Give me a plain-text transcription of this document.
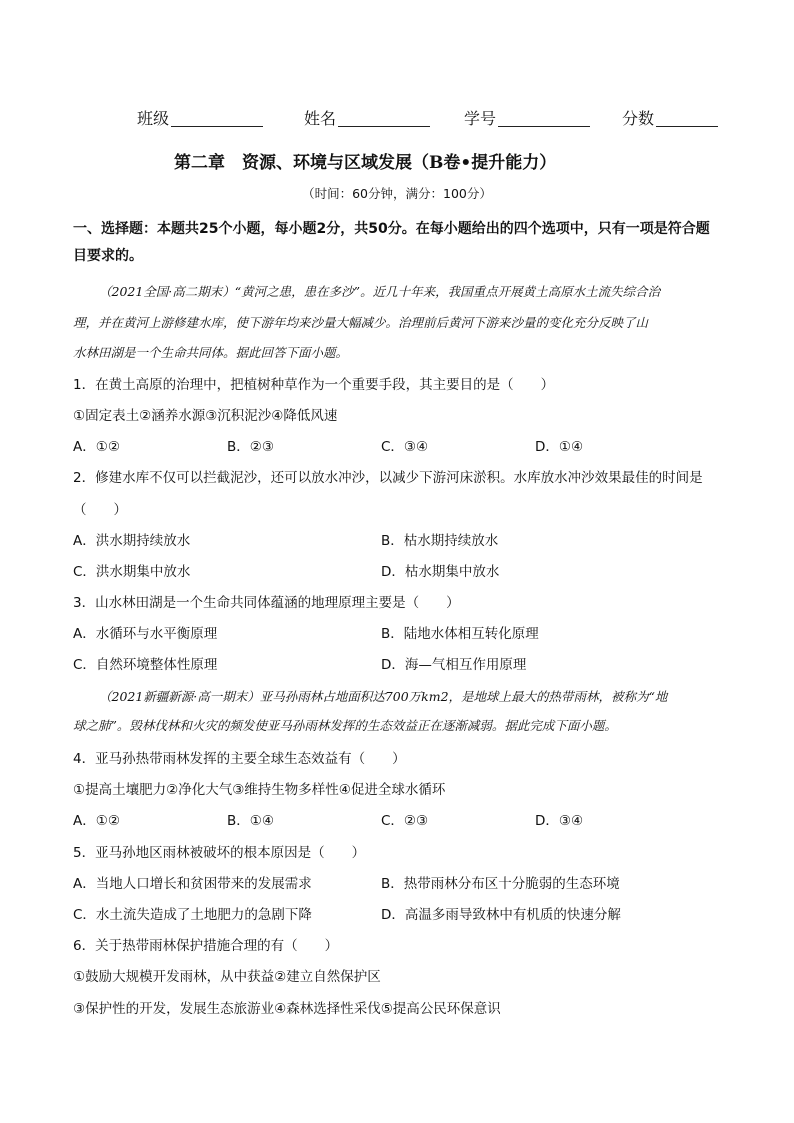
班级	姓名	学号	分数
第二章　资源、环境与区域发展（B卷•提升能力）
（时间：60分钟，满分：100分）
一、选择题：本题共25个小题，每小题2分，共50分。在每小题给出的四个选项中，只有一项是符合题
目要求的。
（2021全国·高二期末）“黄河之患，患在多沙”。近几十年来，我国重点开展黄土高原水土流失综合治
理，并在黄河上游修建水库，使下游年均来沙量大幅减少。治理前后黄河下游来沙量的变化充分反映了山
水林田湖是一个生命共同体。据此回答下面小题。
1．在黄土高原的治理中，把植树种草作为一个重要手段，其主要目的是（　　）
①固定表土②涵养水源③沉积泥沙④降低风速
A．①②	B．②③	C．③④	D．①④
2．修建水库不仅可以拦截泥沙，还可以放水冲沙，以减少下游河床淤积。水库放水冲沙效果最佳的时间是
（　　）
A．洪水期持续放水	B．枯水期持续放水
C．洪水期集中放水	D．枯水期集中放水
3．山水林田湖是一个生命共同体蕴涵的地理原理主要是（　　）
A．水循环与水平衡原理	B．陆地水体相互转化原理
C．自然环境整体性原理	D．海—气相互作用原理
（2021新疆新源·高一期末）亚马孙雨林占地面积达700万km2，是地球上最大的热带雨林，被称为“地
球之肺”。毁林伐林和火灾的频发使亚马孙雨林发挥的生态效益正在逐渐减弱。据此完成下面小题。
4．亚马孙热带雨林发挥的主要全球生态效益有（　　）
①提高土壤肥力②净化大气③维持生物多样性④促进全球水循环
A．①②	B．①④	C．②③	D．③④
5．亚马孙地区雨林被破坏的根本原因是（　　）
A．当地人口增长和贫困带来的发展需求	B．热带雨林分布区十分脆弱的生态环境
C．水土流失造成了土地肥力的急剧下降	D．高温多雨导致林中有机质的快速分解
6．关于热带雨林保护措施合理的有（　　）
①鼓励大规模开发雨林，从中获益②建立自然保护区
③保护性的开发，发展生态旅游业④森林选择性采伐⑤提高公民环保意识
